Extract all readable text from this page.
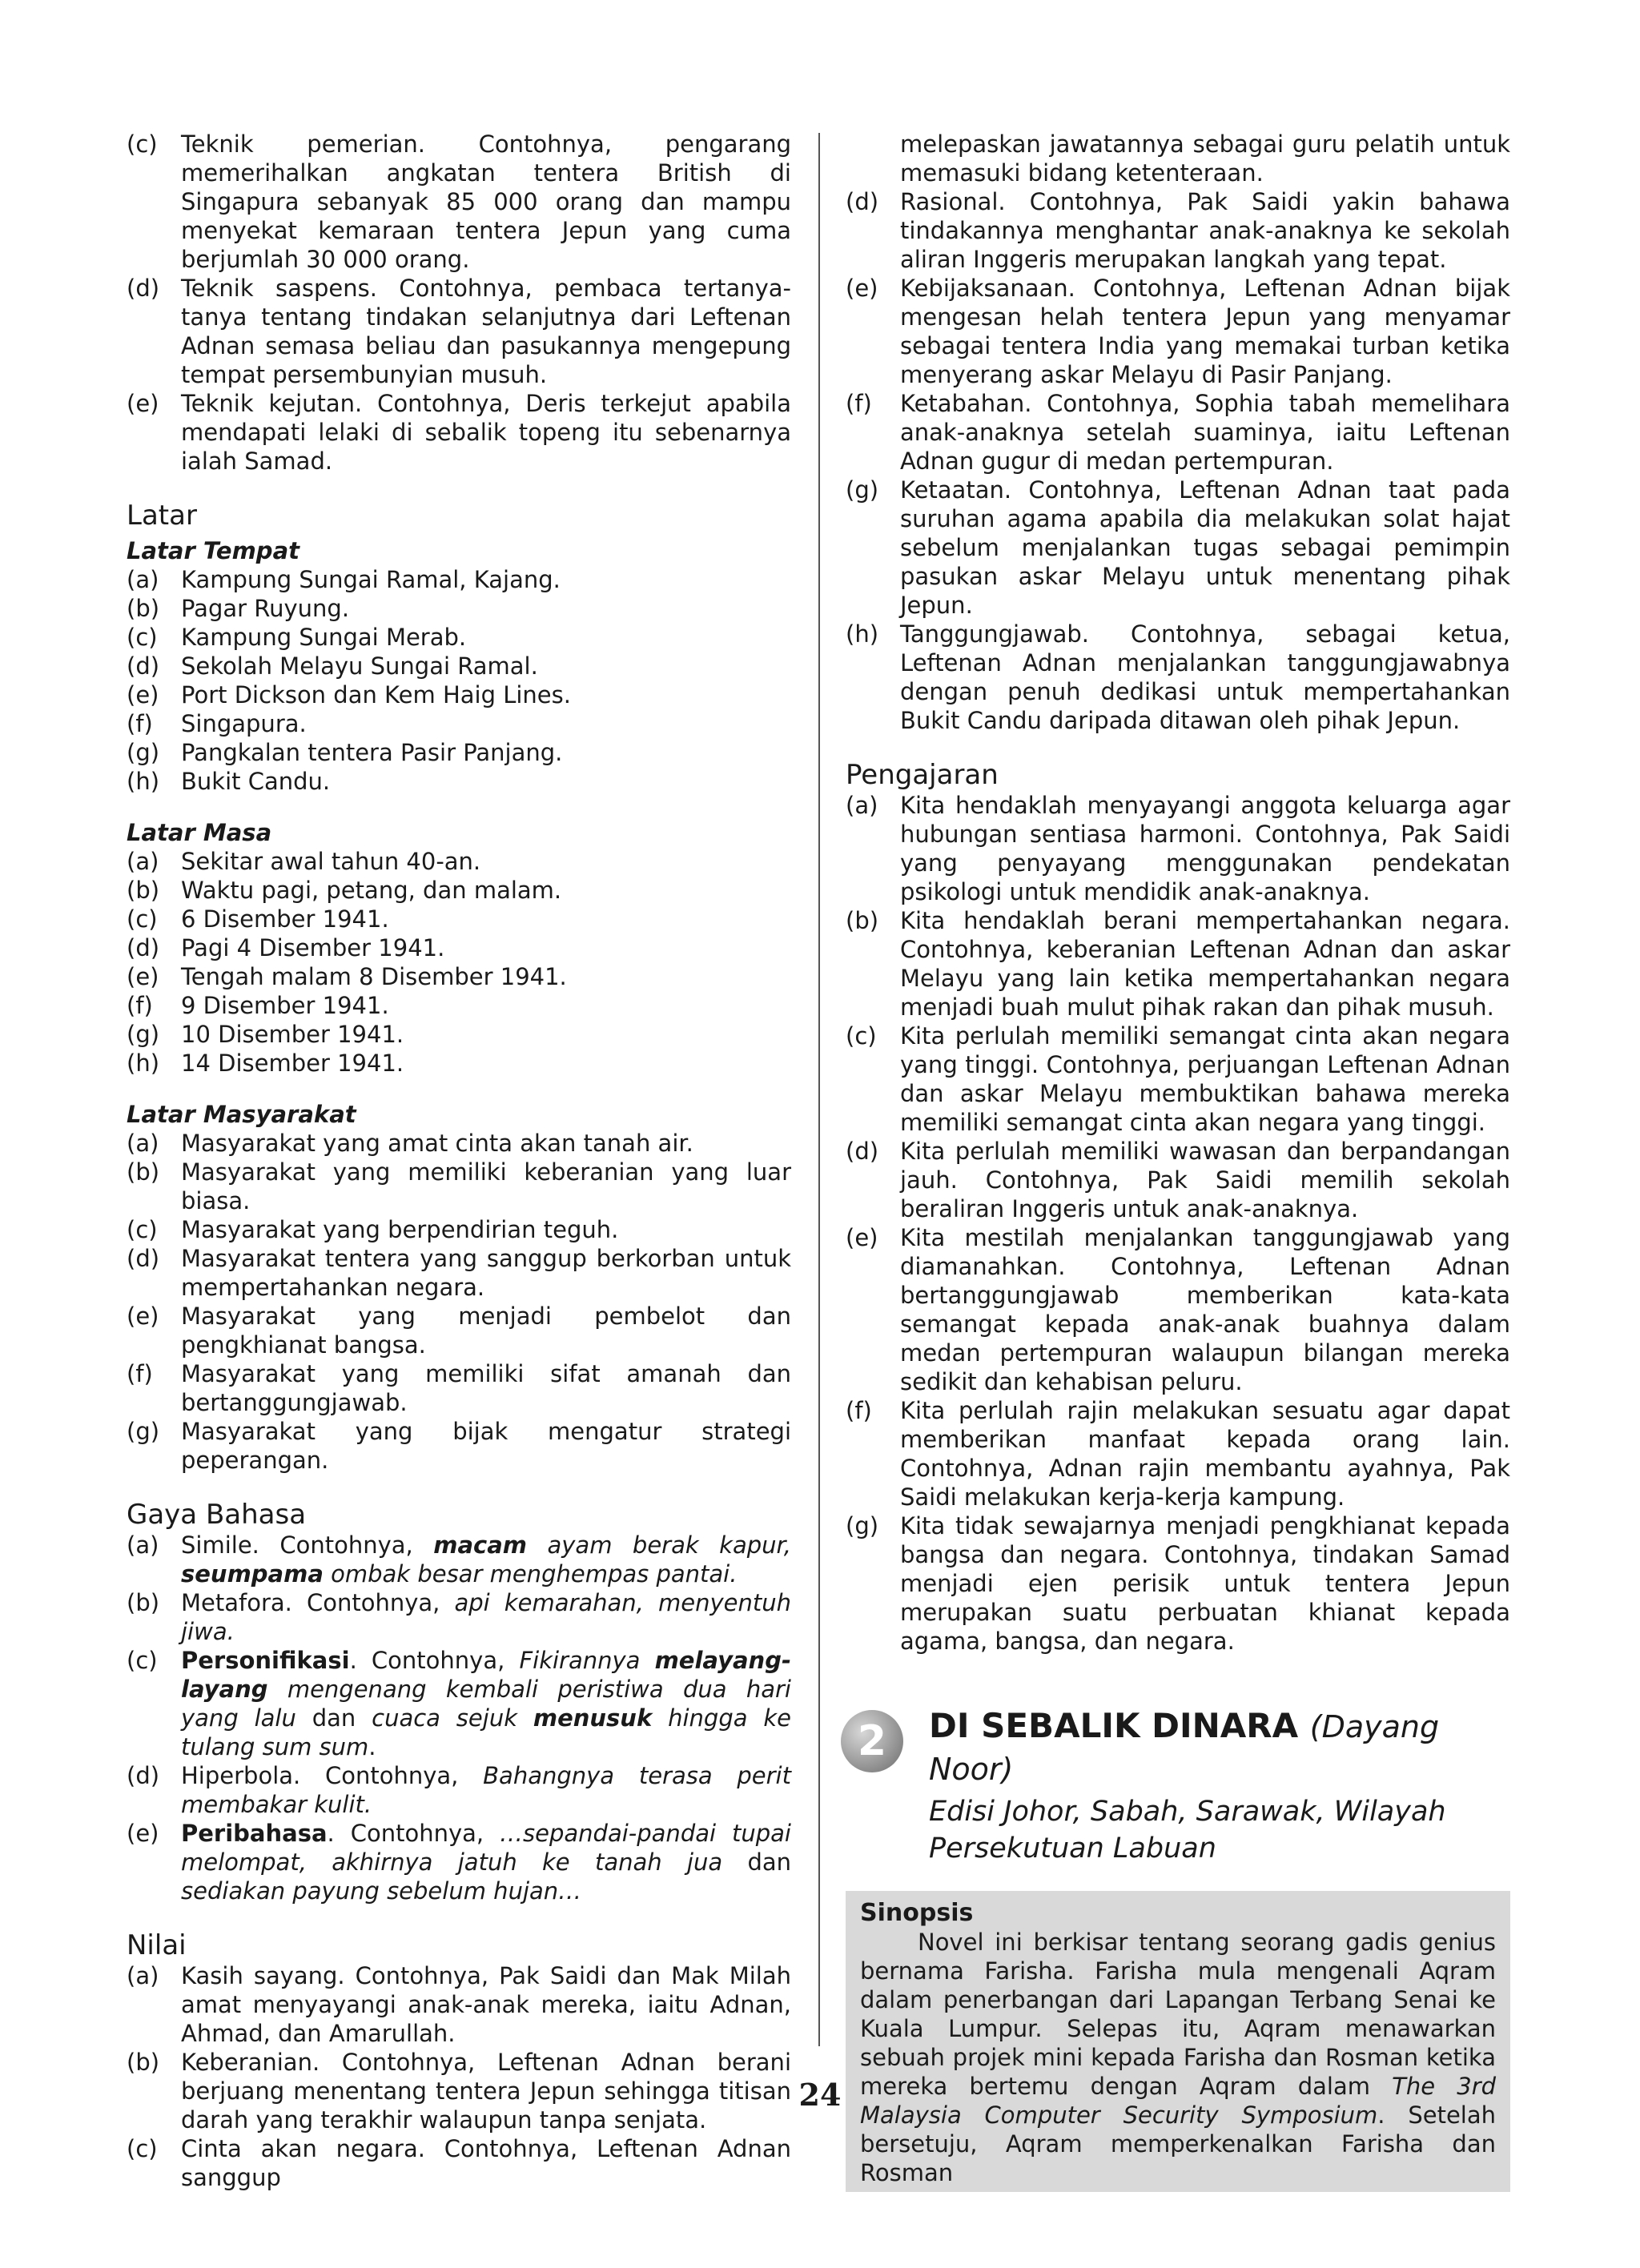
(c)	Teknik pemerian. Contohnya, pengarang memerihalkan angkatan tentera British di Singapura sebanyak 85 000 orang dan mampu menyekat kemaraan tentera Jepun yang cuma berjumlah 30 000 orang.
(d) Teknik saspens. Contohnya, pembaca tertanya-tanya tentang tindakan selanjutnya dari Leftenan Adnan semasa beliau dan pasukannya mengepung tempat persembunyian musuh.
(e) Teknik kejutan. Contohnya, Deris terkejut apabila mendapati lelaki di sebalik topeng itu sebenarnya ialah Samad.
Latar
Latar Tempat
(a) Kampung Sungai Ramal, Kajang.
(b) Pagar Ruyung.
(c)	Kampung Sungai Merab.
(d) Sekolah Melayu Sungai Ramal.
(e) Port Dickson dan Kem Haig Lines.
(f)	Singapura.
(g) Pangkalan tentera Pasir Panjang.
(h) Bukit Candu.
Latar Masa
(a) Sekitar awal tahun 40-an.
(b) Waktu pagi, petang, dan malam.
(c)	6 Disember 1941.
(d) Pagi 4 Disember 1941.
(e) Tengah malam 8 Disember 1941.
(f)	9 Disember 1941.
(g) 10 Disember 1941.
(h) 14 Disember 1941.
Latar Masyarakat
(a) Masyarakat yang amat cinta akan tanah air.
(b) Masyarakat yang memiliki keberanian yang luar biasa.
(c)	Masyarakat yang berpendirian teguh.
(d) Masyarakat tentera yang sanggup berkorban untuk mempertahankan negara.
(e) Masyarakat yang menjadi pembelot dan pengkhianat bangsa.
(f)	Masyarakat yang memiliki sifat amanah dan bertanggungjawab.
(g) Masyarakat yang bijak mengatur strategi peperangan.
Gaya Bahasa
(a) Simile. Contohnya, macam ayam berak kapur, seumpama ombak besar menghempas pantai.
(b) Metafora. Contohnya, api kemarahan, menyentuh jiwa.
(c)	Personifikasi. Contohnya, Fikirannya melayang- layang mengenang kembali peristiwa dua hari yang lalu dan cuaca sejuk menusuk hingga ke tulang sum sum.
(d) Hiperbola. Contohnya, Bahangnya terasa perit membakar kulit.
(e) Peribahasa. Contohnya, …sepandai-pandai tupai melompat, akhirnya jatuh ke tanah jua dan sediakan payung sebelum hujan…
Nilai
(a) Kasih sayang. Contohnya, Pak Saidi dan Mak Milah amat menyayangi anak-anak mereka, iaitu Adnan, Ahmad, dan Amarullah.
(b) Keberanian. Contohnya, Leftenan Adnan berani berjuang menentang tentera Jepun sehingga titisan darah yang terakhir walaupun tanpa senjata.
(c)	Cinta akan negara. Contohnya, Leftenan Adnan sanggup
melepaskan jawatannya sebagai guru pelatih untuk memasuki bidang ketenteraan.
(d) Rasional. Contohnya, Pak Saidi yakin bahawa tindakannya menghantar anak-anaknya ke sekolah aliran Inggeris merupakan langkah yang tepat.
(e) Kebijaksanaan. Contohnya, Leftenan Adnan bijak mengesan helah tentera Jepun yang menyamar sebagai tentera India yang memakai turban ketika menyerang askar Melayu di Pasir Panjang.
(f)	Ketabahan. Contohnya, Sophia tabah memelihara anak-anaknya setelah suaminya, iaitu Leftenan Adnan gugur di medan pertempuran.
(g) Ketaatan. Contohnya, Leftenan Adnan taat pada suruhan agama apabila dia melakukan solat hajat sebelum menjalankan tugas sebagai pemimpin pasukan askar Melayu untuk menentang pihak Jepun.
(h) Tanggungjawab. Contohnya, sebagai ketua, Leftenan Adnan menjalankan tanggungjawabnya dengan penuh dedikasi untuk mempertahankan Bukit Candu daripada ditawan oleh pihak Jepun.
Pengajaran
(a) Kita hendaklah menyayangi anggota keluarga agar hubungan sentiasa harmoni. Contohnya, Pak Saidi yang penyayang menggunakan pendekatan psikologi untuk mendidik anak-anaknya.
(b) Kita hendaklah berani mempertahankan negara. Contohnya, keberanian Leftenan Adnan dan askar Melayu yang lain ketika mempertahankan negara menjadi buah mulut pihak rakan dan pihak musuh.
(c)	Kita perlulah memiliki semangat cinta akan negara yang tinggi. Contohnya, perjuangan Leftenan Adnan dan askar Melayu membuktikan bahawa mereka memiliki semangat cinta akan negara yang tinggi.
(d) Kita perlulah memiliki wawasan dan berpandangan jauh. Contohnya, Pak Saidi memilih sekolah beraliran Inggeris untuk anak-anaknya.
(e) Kita mestilah menjalankan tanggungjawab yang diamanahkan. Contohnya, Leftenan Adnan bertanggungjawab memberikan kata-kata semangat kepada anak-anak buahnya dalam medan pertempuran walaupun bilangan mereka sedikit dan kehabisan peluru.
(f)	Kita perlulah rajin melakukan sesuatu agar dapat memberikan manfaat kepada orang lain. Contohnya, Adnan rajin membantu ayahnya, Pak Saidi melakukan kerja-kerja kampung.
(g) Kita tidak sewajarnya menjadi pengkhianat kepada bangsa dan negara. Contohnya, tindakan Samad menjadi ejen perisik untuk tentera Jepun merupakan suatu perbuatan khianat kepada agama, bangsa, dan negara.
2	DI SEBALIK DINARA (Dayang Noor)
Edisi Johor, Sabah, Sarawak, Wilayah Persekutuan Labuan
Sinopsis
Novel ini berkisar tentang seorang gadis genius bernama Farisha. Farisha mula mengenali Aqram dalam penerbangan dari Lapangan Terbang Senai ke Kuala Lumpur. Selepas itu, Aqram menawarkan sebuah projek mini kepada Farisha dan Rosman ketika mereka bertemu dengan Aqram dalam The 3rd Malaysia Computer Security Symposium. Setelah bersetuju, Aqram memperkenalkan Farisha dan Rosman
24
